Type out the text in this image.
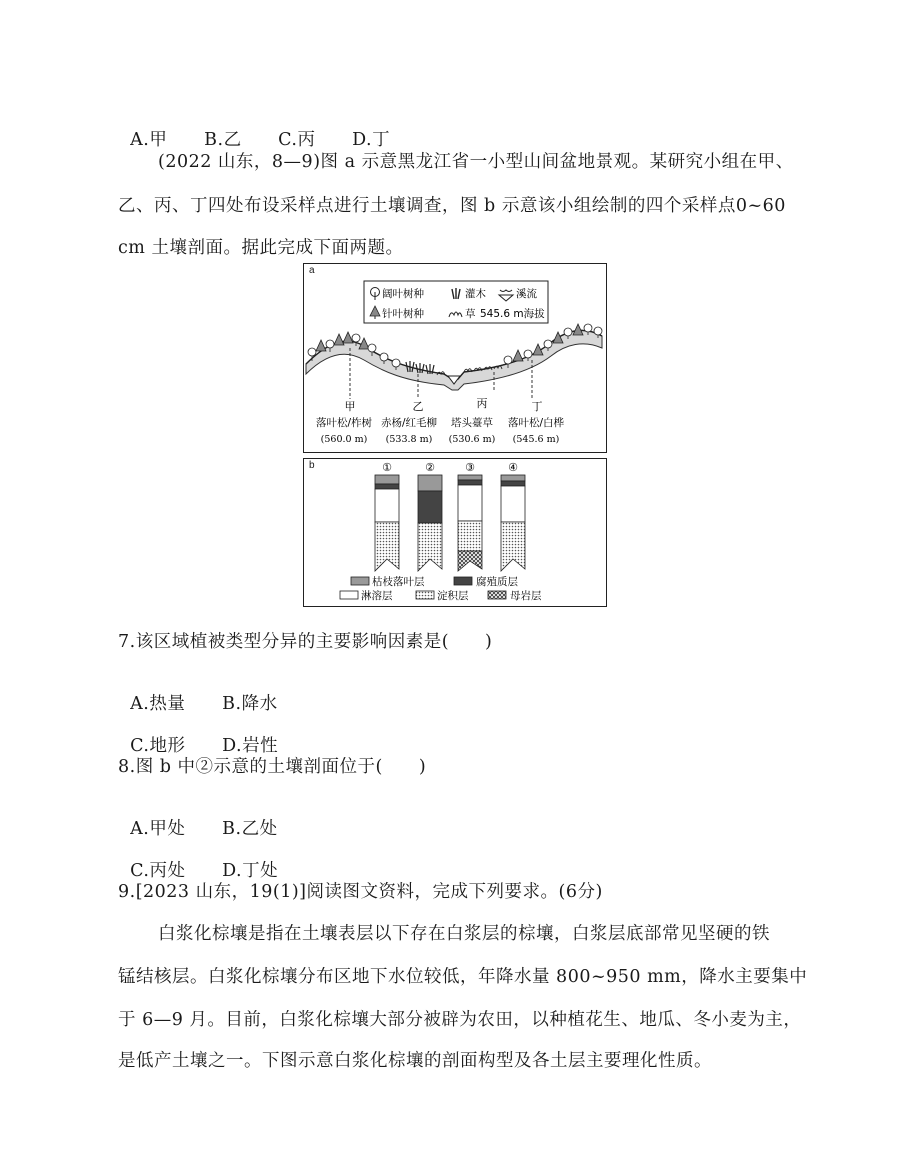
A.甲 B.乙 C.丙 D.丁

(2022 山东，8—9)图 a 示意黑龙江省一小型山间盆地景观。某研究小组在甲、
乙、丙、丁四处布设采样点进行土壤调查，图 b 示意该小组绘制的四个采样点0~60
cm 土壤剖面。据此完成下面两题。
a
阔叶树种	灌木	溪流
针叶树种	草 545.6 m海拔
甲	乙	丙	丁
落叶松/柞树 赤杨/红毛柳 塔头薹草 落叶松/白桦
(560.0 m) (533.8 m) (530.6 m) (545.6 m)
b	①	②	③	④
枯枝落叶层	腐殖质层
淋溶层	淀积层	母岩层
7.该区域植被类型分异的主要影响因素是(　　)

A.热量 B.降水

C.地形 D.岩性

8.图 b 中②示意的土壤剖面位于(　　)

A.甲处 B.乙处

C.丙处 D.丁处

9.[2023 山东，19(1)]阅读图文资料，完成下列要求。(6分)
白浆化棕壤是指在土壤表层以下存在白浆层的棕壤，白浆层底部常见坚硬的铁
锰结核层。白浆化棕壤分布区地下水位较低，年降水量 800~950 mm，降水主要集中
于 6—9 月。目前，白浆化棕壤大部分被辟为农田，以种植花生、地瓜、冬小麦为主，
是低产土壤之一。下图示意白浆化棕壤的剖面构型及各土层主要理化性质。
